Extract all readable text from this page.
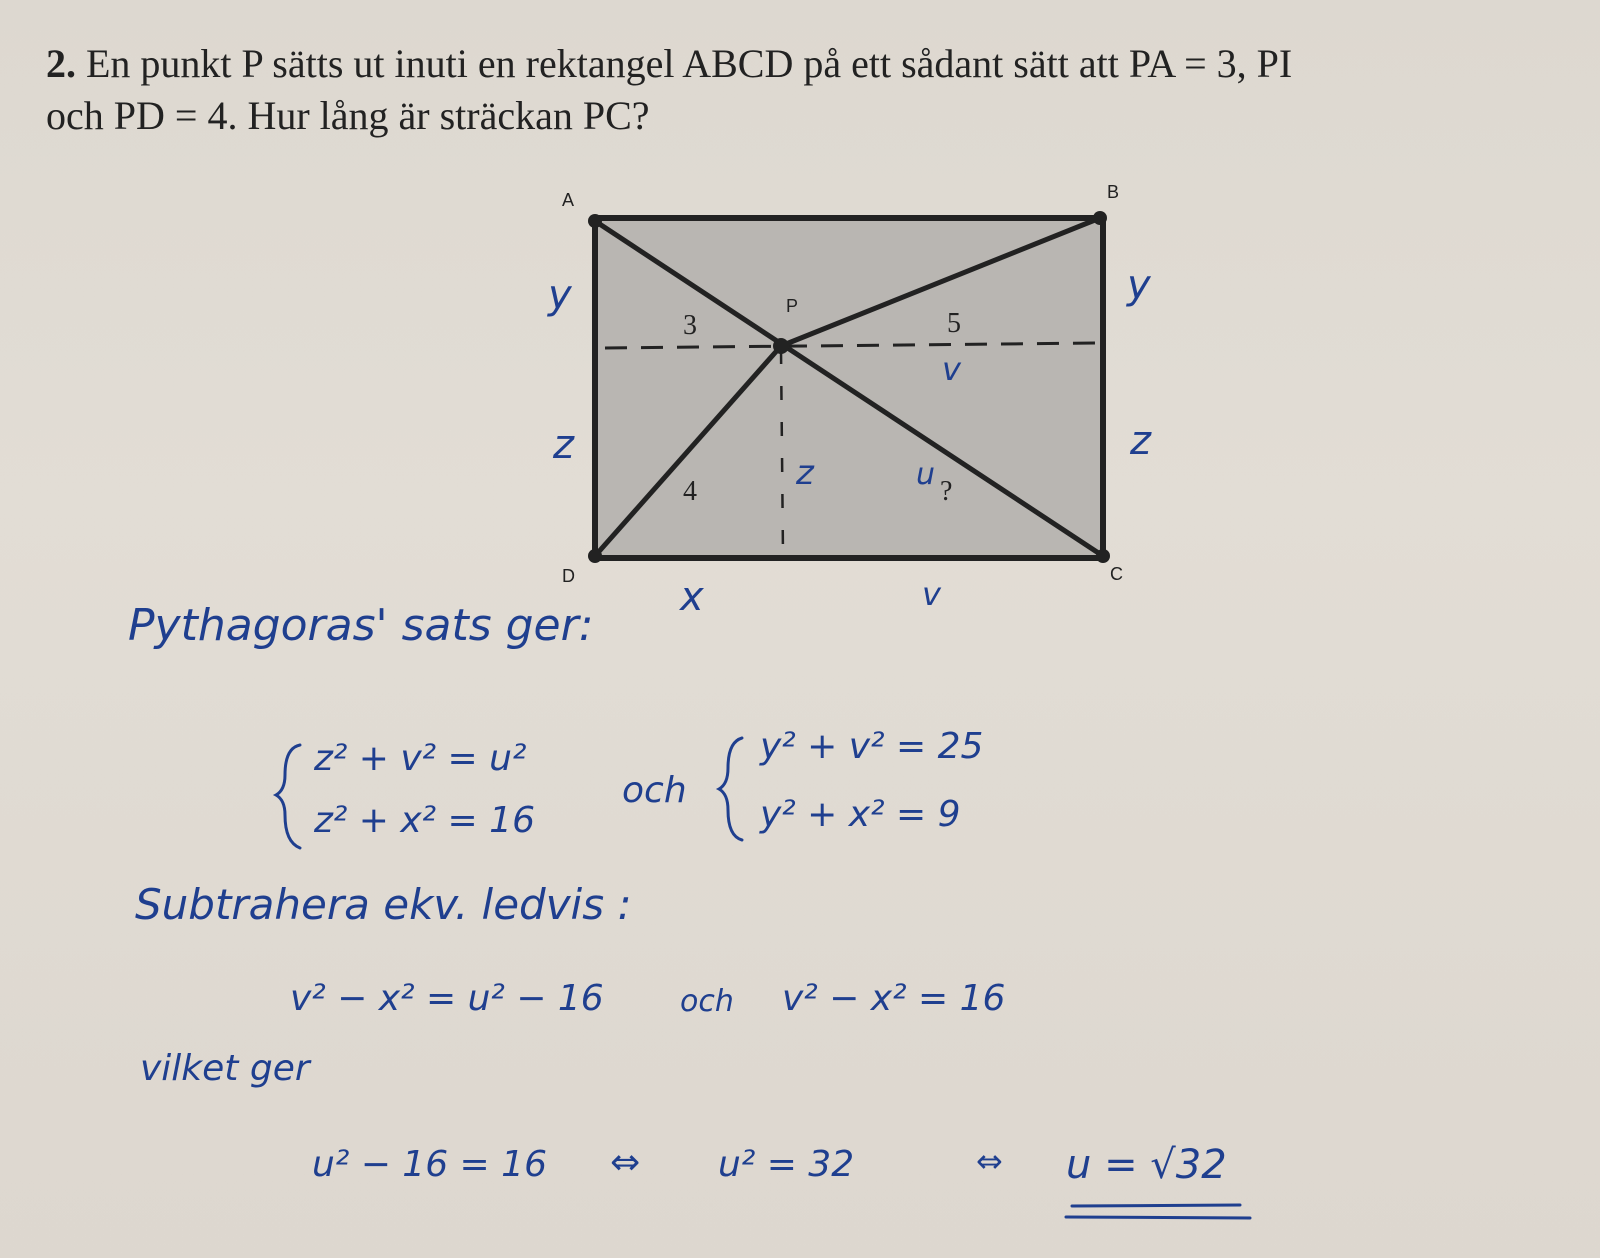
2. En punkt P sätts ut inuti en rektangel ABCD på ett sådant sätt att PA = 3, PI
och PD = 4. Hur lång är sträckan PC?
A	B
C
D
P
3	5
4	?
y
z
y
z
x	v
v
z	u
Pythagoras' sats ger:
z² + v² = u²
z² + x² = 16
och
y² + v² = 25
y² + x² = 9
Subtrahera ekv. ledvis :
v² − x² = u² − 16	och v² − x² = 16
vilket ger
u² − 16 = 16 ⇔ u² = 32	⇔ u = √32
